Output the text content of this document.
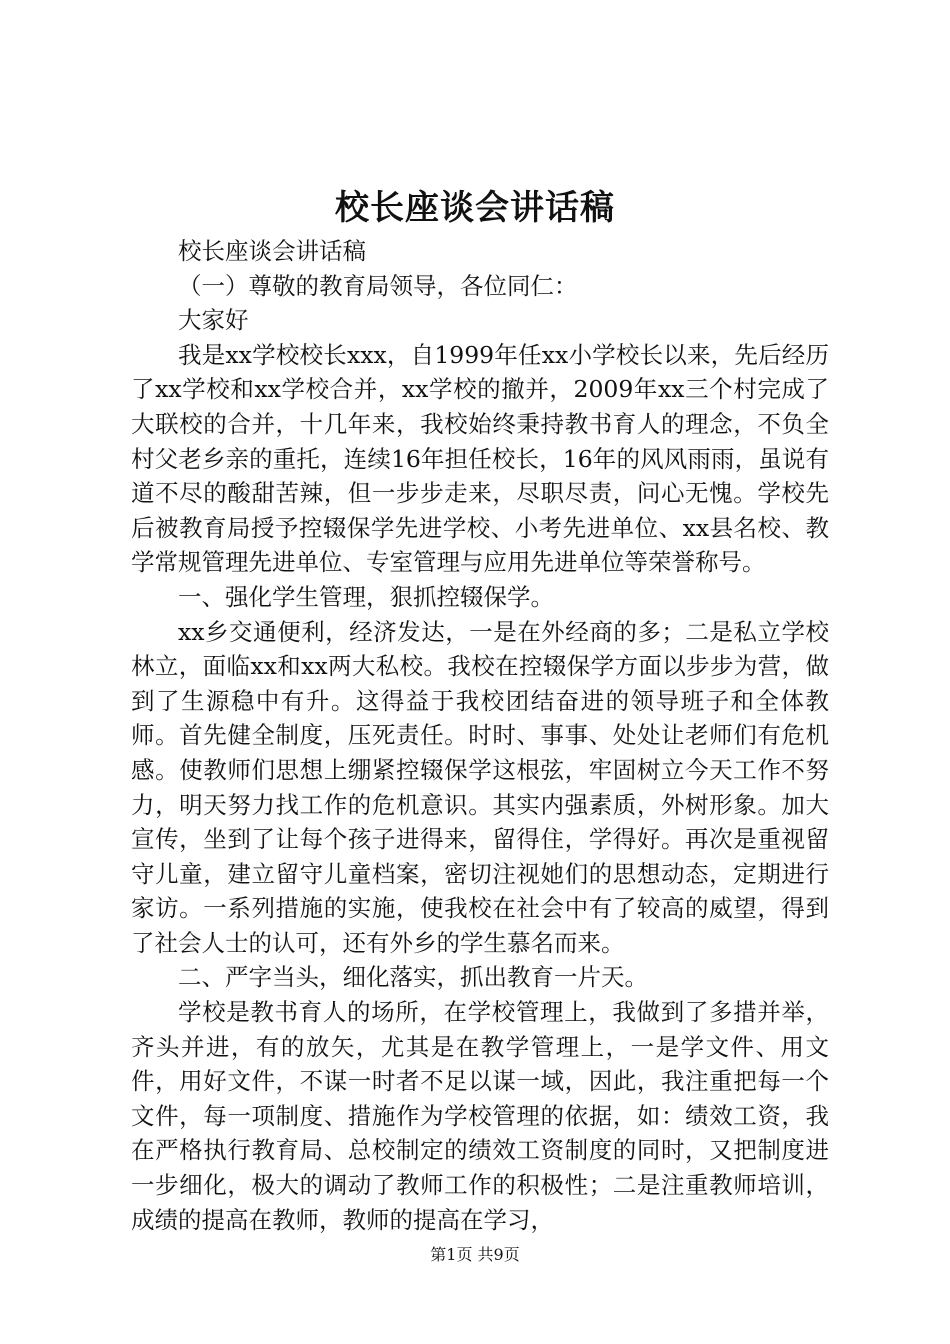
校长座谈会讲话稿

校长座谈会讲话稿

（一）尊敬的教育局领导，各位同仁：

大家好

我是xx学校校长xxx，自1999年任xx小学校长以来，先后经历了xx学校和xx学校合并，xx学校的撤并，2009年xx三个村完成了大联校的合并，十几年来，我校始终秉持教书育人的理念，不负全村父老乡亲的重托，连续16年担任校长，16年的风风雨雨，虽说有道不尽的酸甜苦辣，但一步步走来，尽职尽责，问心无愧。学校先后被教育局授予控辍保学先进学校、小考先进单位、xx县名校、教学常规管理先进单位、专室管理与应用先进单位等荣誉称号。

一、强化学生管理，狠抓控辍保学。

xx乡交通便利，经济发达，一是在外经商的多；二是私立学校林立，面临xx和xx两大私校。我校在控辍保学方面以步步为营，做到了生源稳中有升。这得益于我校团结奋进的领导班子和全体教师。首先健全制度，压死责任。时时、事事、处处让老师们有危机感。使教师们思想上绷紧控辍保学这根弦，牢固树立今天工作不努力，明天努力找工作的危机意识。其实内强素质，外树形象。加大宣传，坐到了让每个孩子进得来，留得住，学得好。再次是重视留守儿童，建立留守儿童档案，密切注视她们的思想动态，定期进行家访。一系列措施的实施，使我校在社会中有了较高的威望，得到了社会人士的认可，还有外乡的学生慕名而来。

二、严字当头，细化落实，抓出教育一片天。

学校是教书育人的场所，在学校管理上，我做到了多措并举，齐头并进，有的放矢，尤其是在教学管理上，一是学文件、用文件，用好文件，不谋一时者不足以谋一域，因此，我注重把每一个文件，每一项制度、措施作为学校管理的依据，如：绩效工资，我在严格执行教育局、总校制定的绩效工资制度的同时，又把制度进一步细化，极大的调动了教师工作的积极性；二是注重教师培训，成绩的提高在教师，教师的提高在学习，

第1页 共9页
